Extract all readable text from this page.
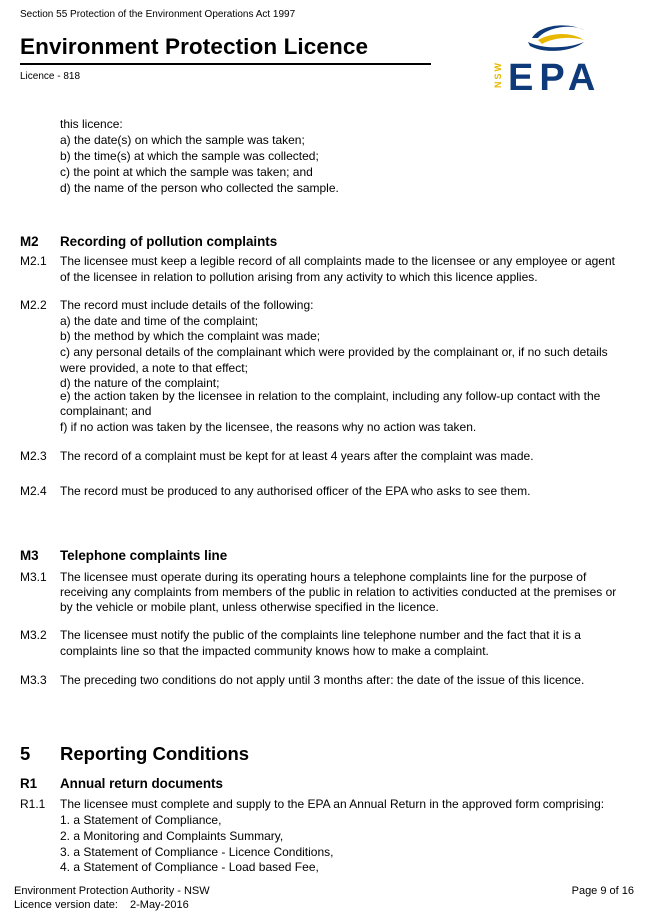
Section 55 Protection of the Environment Operations Act 1997
Environment Protection Licence
Licence - 818	NSW EPA
this licence:
a) the date(s) on which the sample was taken;
b) the time(s) at which the sample was collected;
c) the point at which the sample was taken; and
d) the name of the person who collected the sample.
M2 Recording of pollution complaints
M2.1 The licensee must keep a legible record of all complaints made to the licensee or any employee or agent
of the licensee in relation to pollution arising from any activity to which this licence applies.
M2.2 The record must include details of the following:
a) the date and time of the complaint;
b) the method by which the complaint was made;
c) any personal details of the complainant which were provided by the complainant or, if no such details
were provided, a note to that effect;
d) the nature of the complaint;
e) the action taken by the licensee in relation to the complaint, including any follow-up contact with the
complainant; and
f) if no action was taken by the licensee, the reasons why no action was taken.
M2.3 The record of a complaint must be kept for at least 4 years after the complaint was made.
M2.4 The record must be produced to any authorised officer of the EPA who asks to see them.
M3 Telephone complaints line
M3.1 The licensee must operate during its operating hours a telephone complaints line for the purpose of
receiving any complaints from members of the public in relation to activities conducted at the premises or
by the vehicle or mobile plant, unless otherwise specified in the licence.
M3.2 The licensee must notify the public of the complaints line telephone number and the fact that it is a
complaints line so that the impacted community knows how to make a complaint.
M3.3 The preceding two conditions do not apply until 3 months after: the date of the issue of this licence.
5 Reporting Conditions
R1 Annual return documents
R1.1 The licensee must complete and supply to the EPA an Annual Return in the approved form comprising:
1. a Statement of Compliance,
2. a Monitoring and Complaints Summary,
3. a Statement of Compliance - Licence Conditions,
4. a Statement of Compliance - Load based Fee,
Environment Protection Authority - NSW
Licence version date: 2-May-2016
Page 9 of 16
